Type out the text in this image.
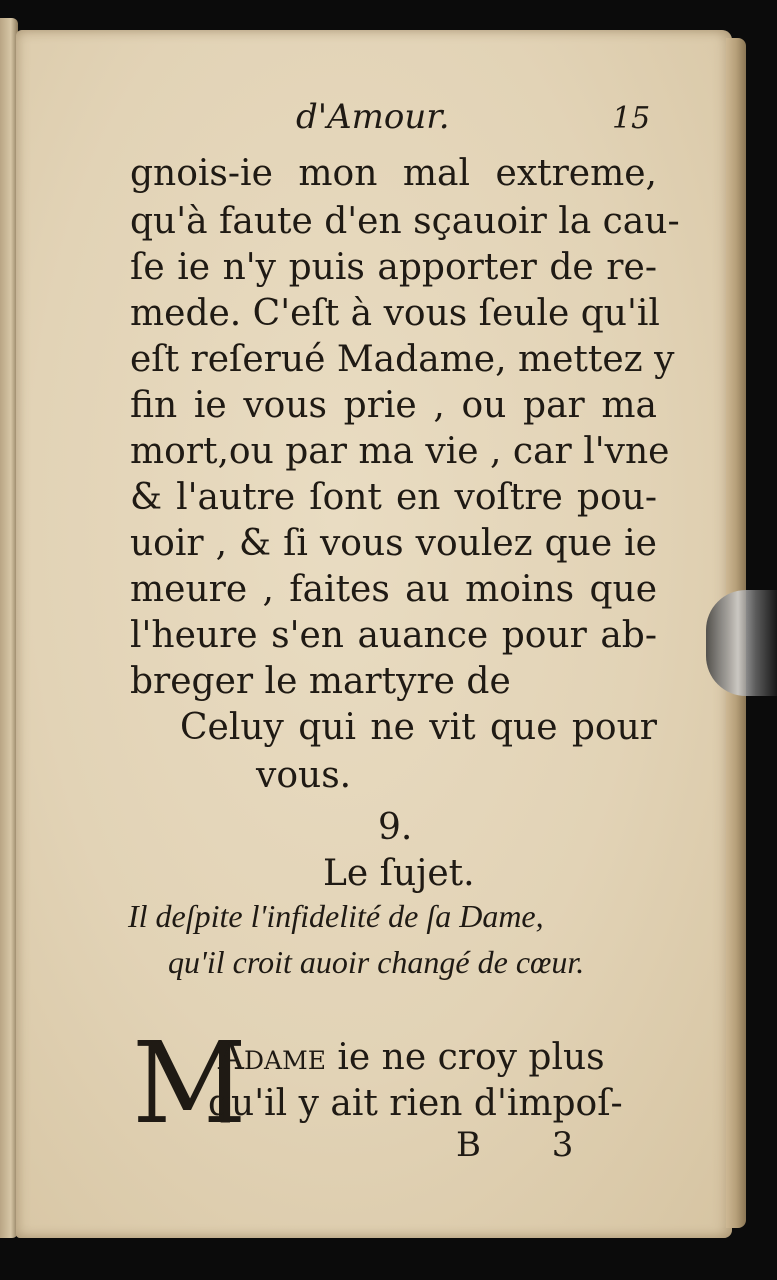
d'Amour.	15

gnois-ie mon mal extreme,

qu'à faute d'en sçauoir la cau-

ſe ie n'y puis apporter de re-

mede. C'eſt à vous ſeule qu'il

eſt reſerué Madame, mettez y

fin ie vous prie , ou par ma

mort,ou par ma vie , car l'vne

& l'autre ſont en voſtre pou-

uoir , & ſi vous voulez que ie

meure , faites au moins que

l'heure s'en auance pour ab-

breger le martyre de

Celuy qui ne vit que pour

vous.

9.

Le ſujet.

Il deſpite l'infidelité de ſa Dame,

qu'il croit auoir changé de cœur.

M

Adame ie ne croy plus

qu'il y ait rien d'impoſ-

B 3
